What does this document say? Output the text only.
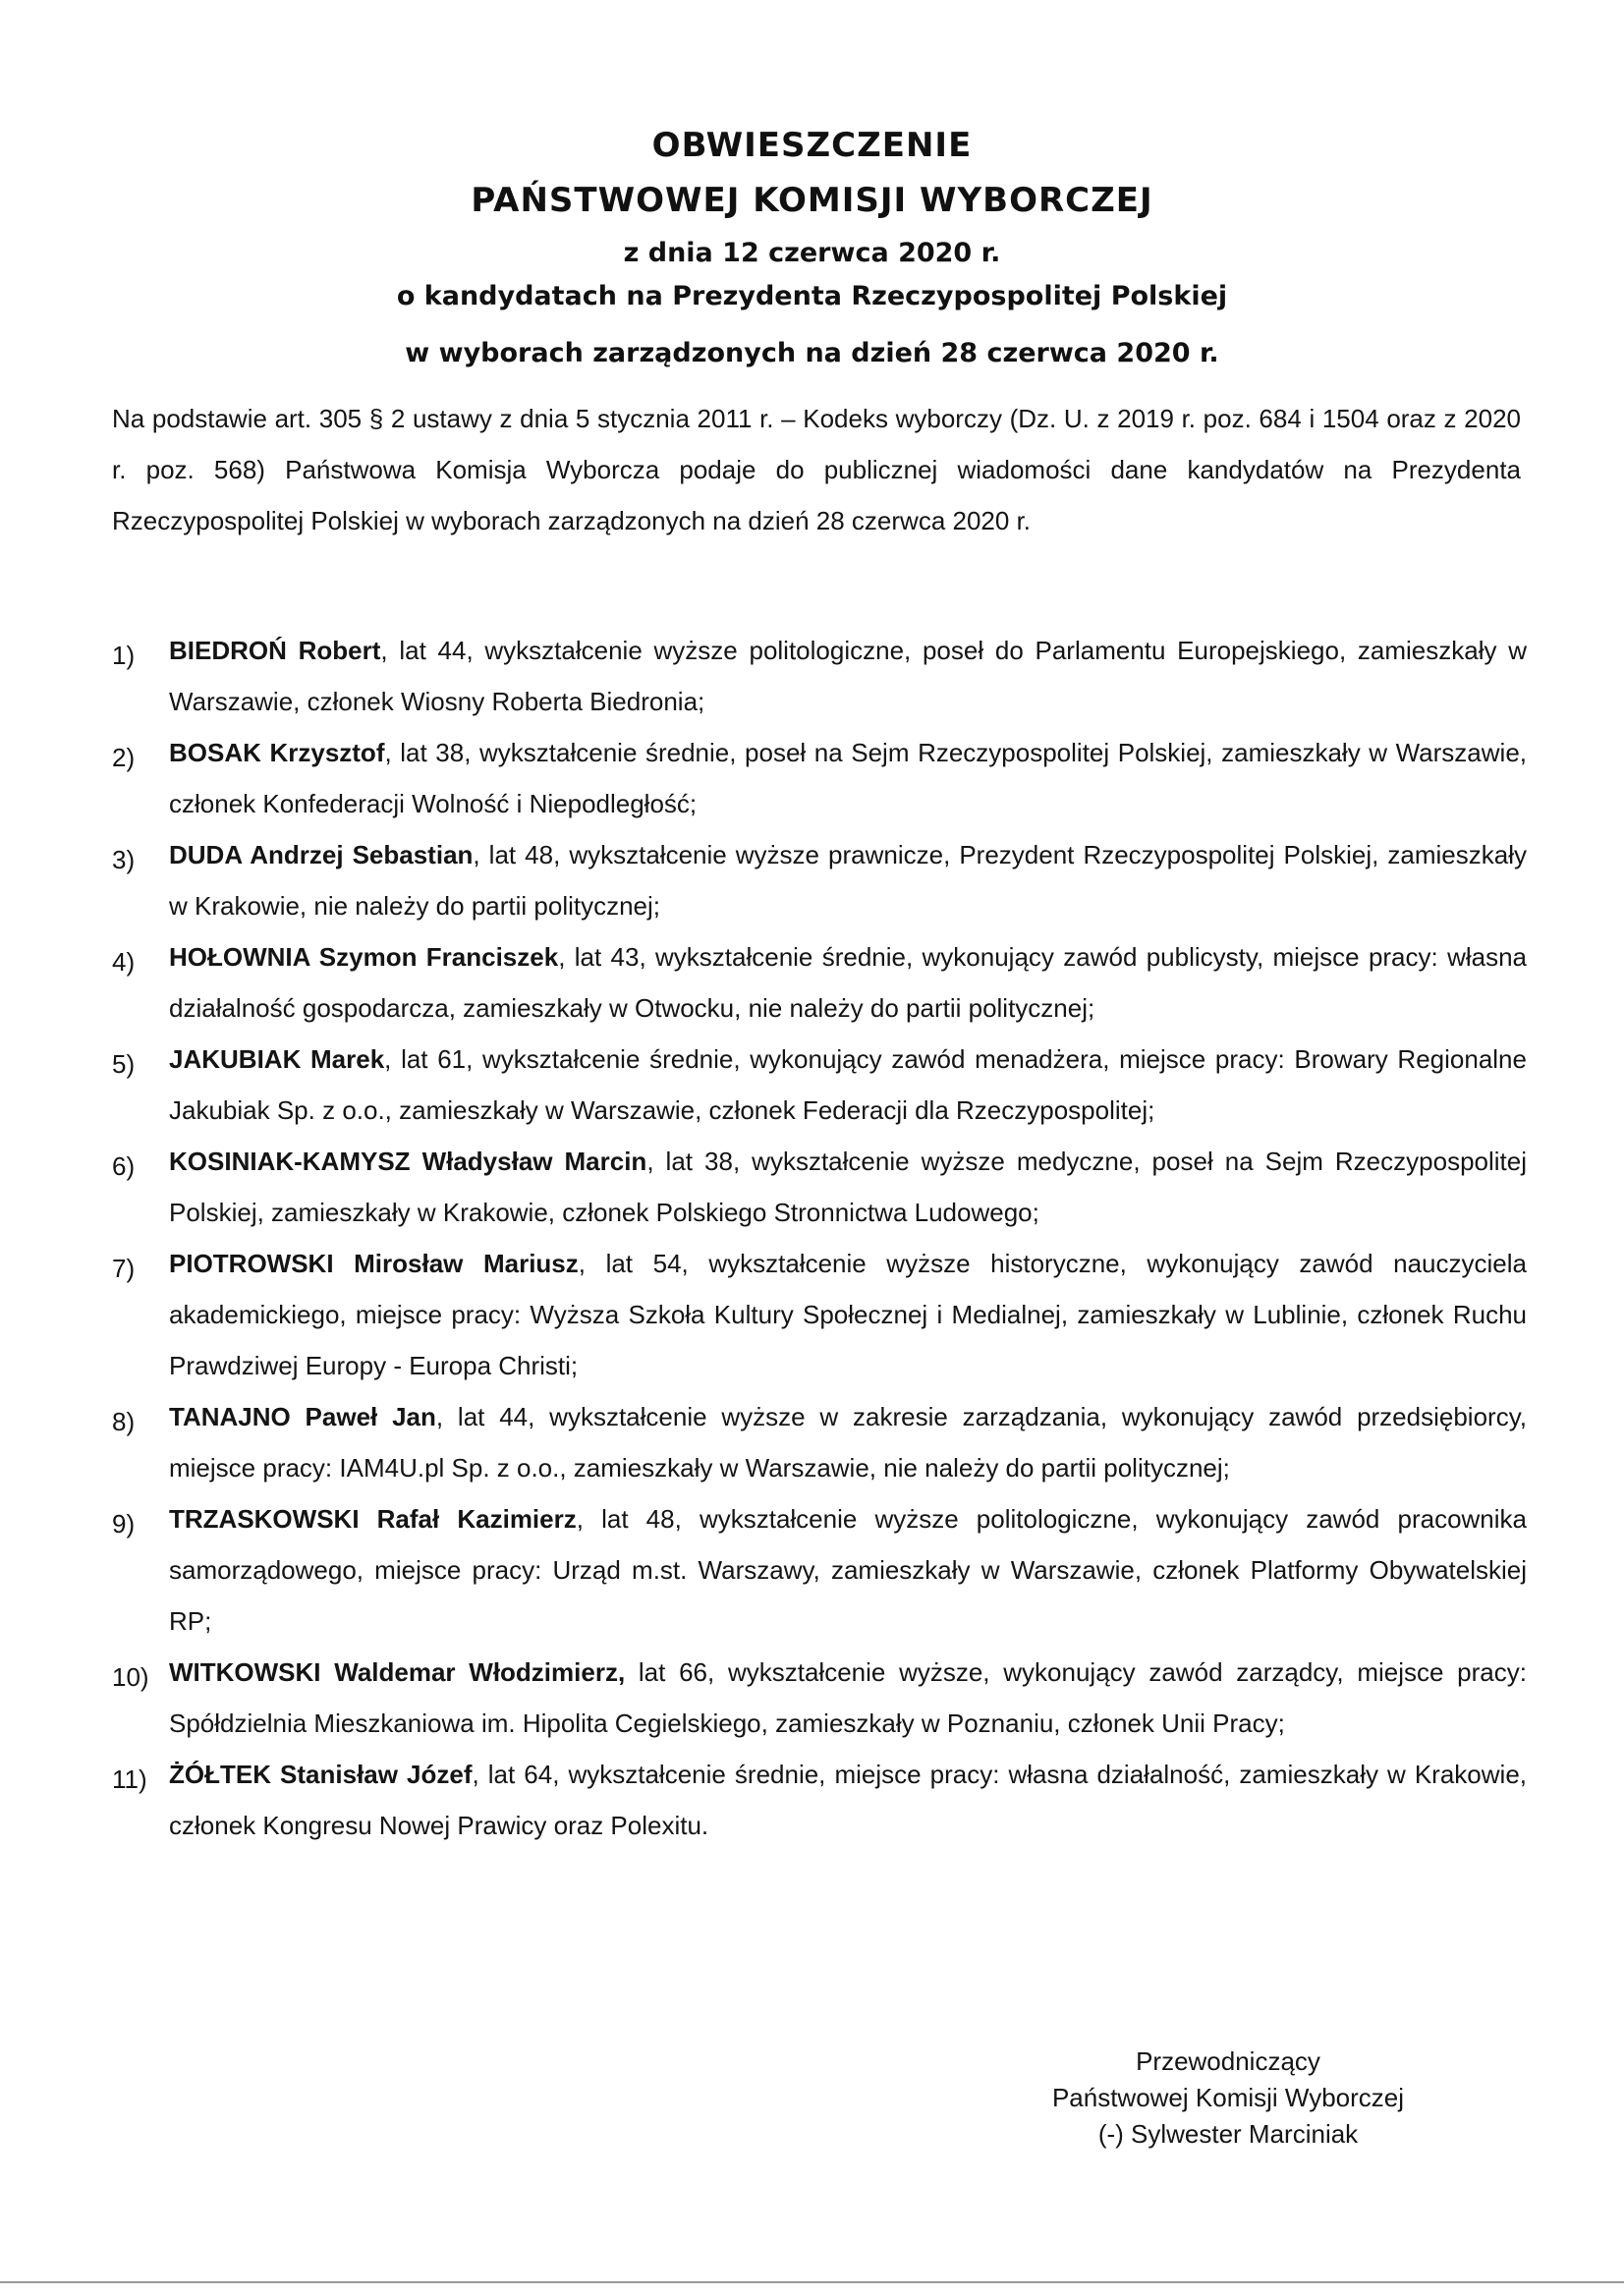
OBWIESZCZENIE
PAŃSTWOWEJ KOMISJI WYBORCZEJ
z dnia 12 czerwca 2020 r.
o kandydatach na Prezydenta Rzeczypospolitej Polskiej
w wyborach zarządzonych na dzień 28 czerwca 2020 r.
Na podstawie art. 305 § 2 ustawy z dnia 5 stycznia 2011 r. – Kodeks wyborczy (Dz. U. z 2019 r. poz. 684 i 1504 oraz z 2020 r. poz. 568) Państwowa Komisja Wyborcza podaje do publicznej wiadomości dane kandydatów na Prezydenta Rzeczypospolitej Polskiej w wyborach zarządzonych na dzień 28 czerwca 2020 r.
1) BIEDROŃ Robert, lat 44, wykształcenie wyższe politologiczne, poseł do Parlamentu Europejskiego, zamieszkały w Warszawie, członek Wiosny Roberta Biedronia;
2) BOSAK Krzysztof, lat 38, wykształcenie średnie, poseł na Sejm Rzeczypospolitej Polskiej, zamieszkały w Warszawie, członek Konfederacji Wolność i Niepodległość;
3) DUDA Andrzej Sebastian, lat 48, wykształcenie wyższe prawnicze, Prezydent Rzeczypospolitej Polskiej, zamieszkały w Krakowie, nie należy do partii politycznej;
4) HOŁOWNIA Szymon Franciszek, lat 43, wykształcenie średnie, wykonujący zawód publicysty, miejsce pracy: własna działalność gospodarcza, zamieszkały w Otwocku, nie należy do partii politycznej;
5) JAKUBIAK Marek, lat 61, wykształcenie średnie, wykonujący zawód menadżera, miejsce pracy: Browary Regionalne Jakubiak Sp. z o.o., zamieszkały w Warszawie, członek Federacji dla Rzeczypospolitej;
6) KOSINIAK-KAMYSZ Władysław Marcin, lat 38, wykształcenie wyższe medyczne, poseł na Sejm Rzeczypospolitej Polskiej, zamieszkały w Krakowie, członek Polskiego Stronnictwa Ludowego;
7) PIOTROWSKI Mirosław Mariusz, lat 54, wykształcenie wyższe historyczne, wykonujący zawód nauczyciela akademickiego, miejsce pracy: Wyższa Szkoła Kultury Społecznej i Medialnej, zamieszkały w Lublinie, członek Ruchu Prawdziwej Europy - Europa Christi;
8) TANAJNO Paweł Jan, lat 44, wykształcenie wyższe w zakresie zarządzania, wykonujący zawód przedsiębiorcy, miejsce pracy: IAM4U.pl Sp. z o.o., zamieszkały w Warszawie, nie należy do partii politycznej;
9) TRZASKOWSKI Rafał Kazimierz, lat 48, wykształcenie wyższe politologiczne, wykonujący zawód pracownika samorządowego, miejsce pracy: Urząd m.st. Warszawy, zamieszkały w Warszawie, członek Platformy Obywatelskiej RP;
10) WITKOWSKI Waldemar Włodzimierz, lat 66, wykształcenie wyższe, wykonujący zawód zarządcy, miejsce pracy: Spółdzielnia Mieszkaniowa im. Hipolita Cegielskiego, zamieszkały w Poznaniu, członek Unii Pracy;
11) ŻÓŁTEK Stanisław Józef, lat 64, wykształcenie średnie, miejsce pracy: własna działalność, zamieszkały w Krakowie, członek Kongresu Nowej Prawicy oraz Polexitu.
Przewodniczący
Państwowej Komisji Wyborczej
(-) Sylwester Marciniak
